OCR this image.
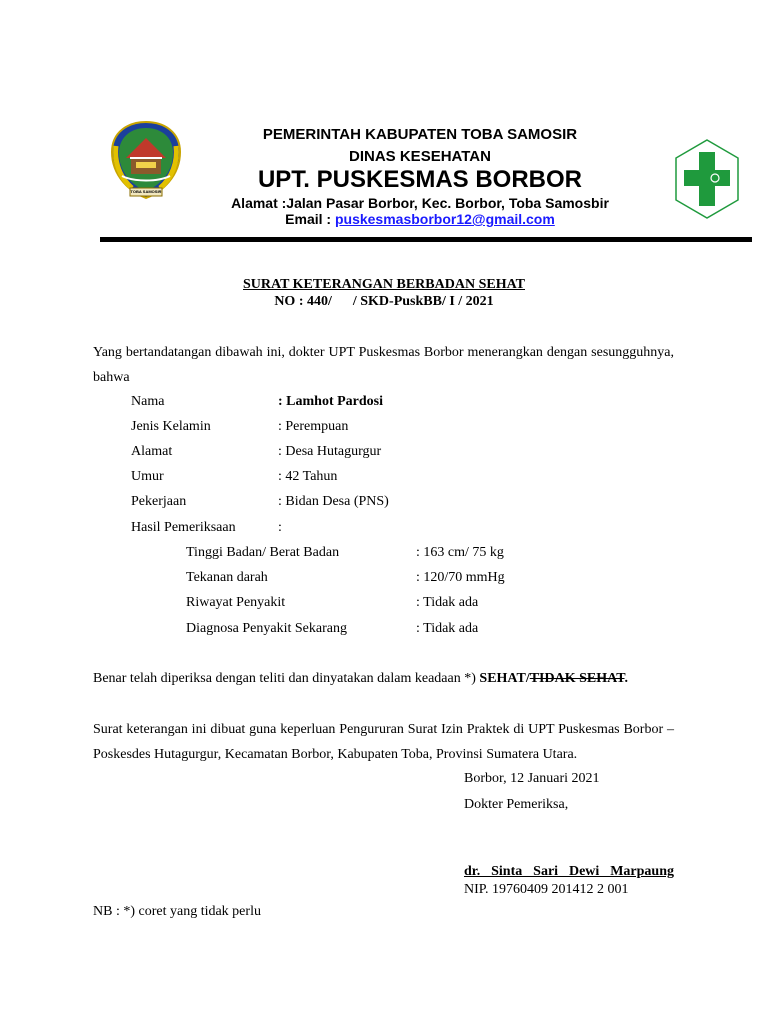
TOBA SAMOSIR
PEMERINTAH KABUPATEN TOBA SAMOSIR
DINAS KESEHATAN
UPT. PUSKESMAS BORBOR
Alamat :Jalan Pasar Borbor, Kec. Borbor, Toba Samosbir
Email : puskesmasborbor12@gmail.com
SURAT KETERANGAN BERBADAN SEHAT
NO : 440/      / SKD-PuskBB/ I / 2021
Yang bertandatangan dibawah ini, dokter UPT Puskesmas Borbor menerangkan dengan sesungguhnya, bahwa
Nama	: Lamhot Pardosi
Jenis Kelamin	: Perempuan
Alamat	: Desa Hutagurgur
Umur	: 42 Tahun
Pekerjaan	: Bidan Desa (PNS)
Hasil Pemeriksaan	:
Tinggi Badan/ Berat Badan	: 163 cm/ 75 kg
Tekanan darah	: 120/70 mmHg
Riwayat Penyakit	: Tidak ada
Diagnosa Penyakit Sekarang	: Tidak ada
Benar telah diperiksa dengan teliti dan dinyatakan dalam keadaan *) SEHAT/TIDAK SEHAT.
Surat keterangan ini dibuat guna keperluan Pengururan Surat Izin Praktek di UPT Puskesmas Borbor – Poskesdes Hutagurgur, Kecamatan Borbor, Kabupaten Toba, Provinsi Sumatera Utara.
Borbor, 12 Januari 2021
Dokter Pemeriksa,
dr. Sinta Sari Dewi Marpaung
NIP. 19760409 201412 2 001
NB : *) coret yang tidak perlu
